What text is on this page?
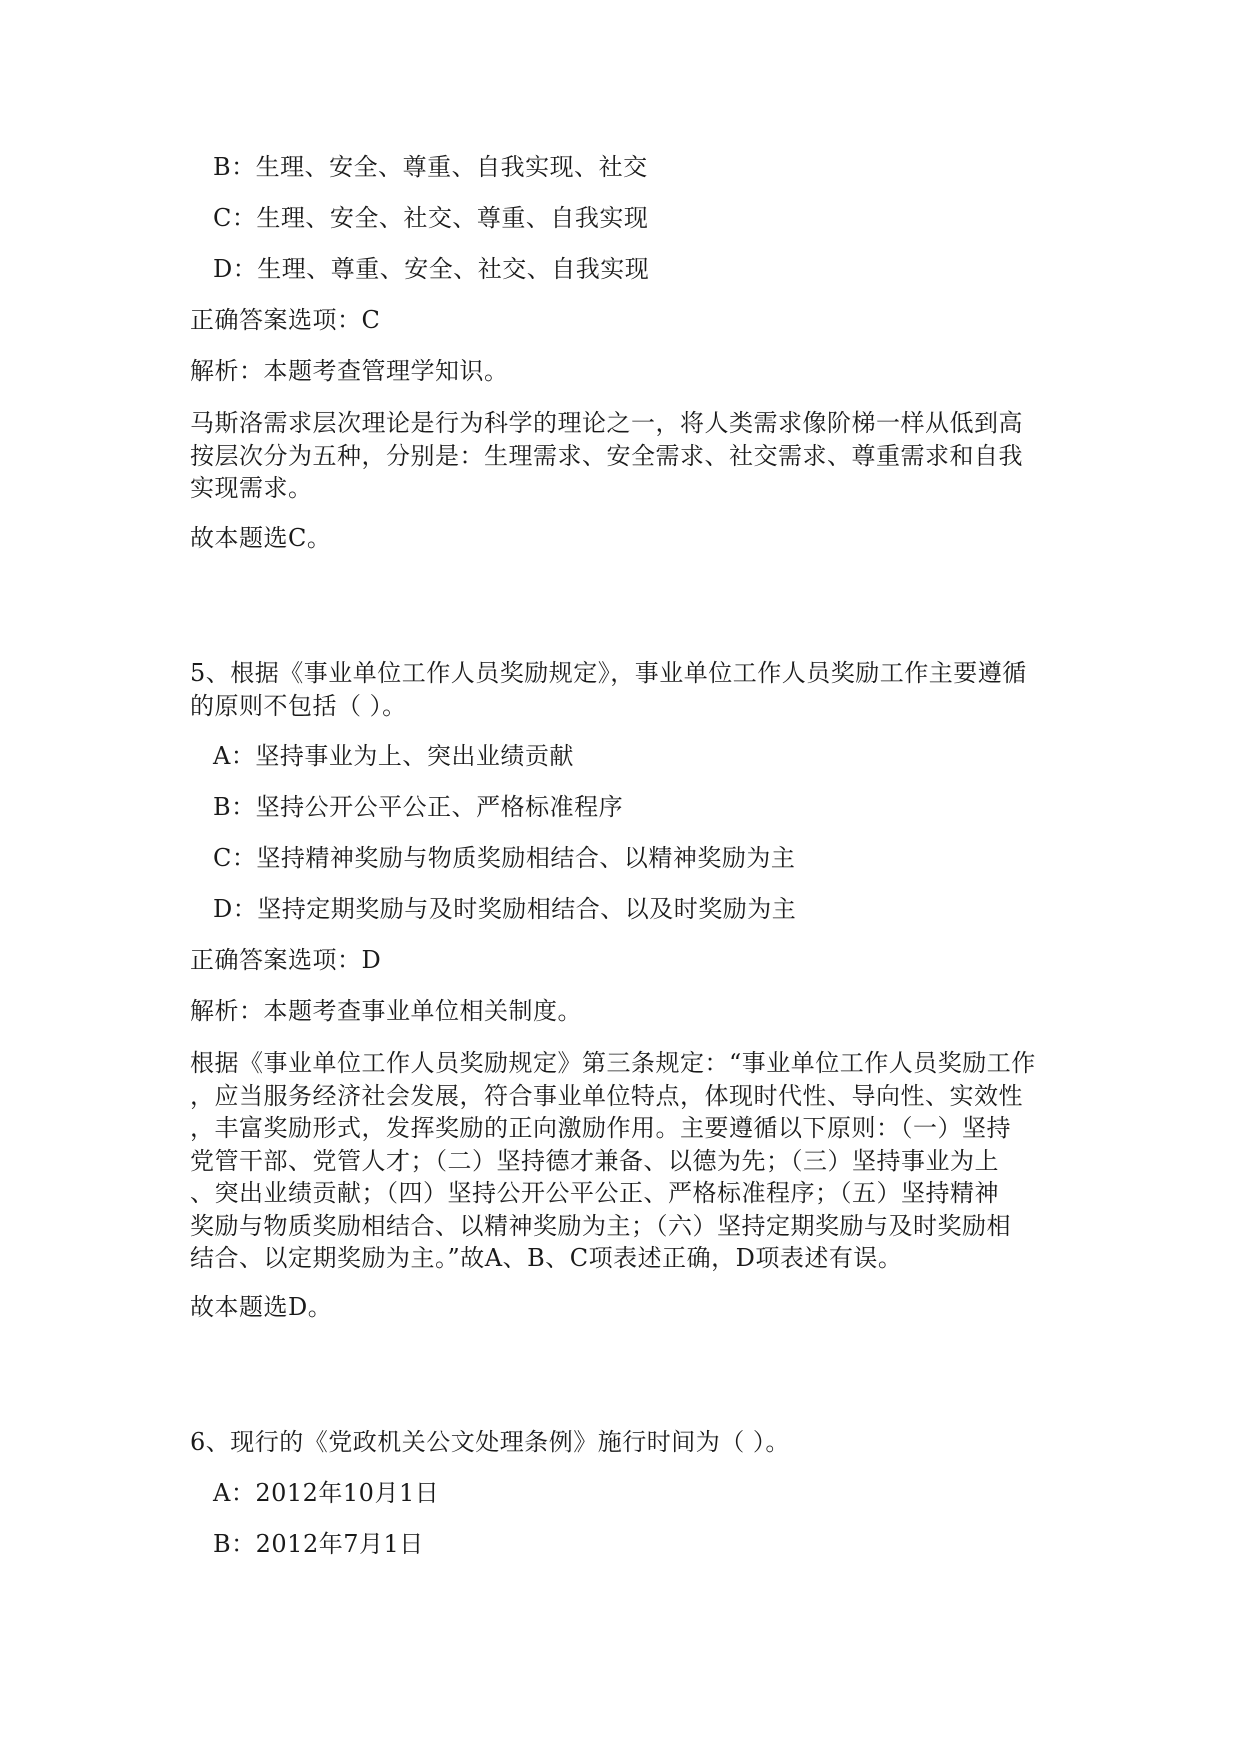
B：生理、安全、尊重、自我实现、社交
C：生理、安全、社交、尊重、自我实现
D：生理、尊重、安全、社交、自我实现
正确答案选项：C
解析：本题考查管理学知识。
马斯洛需求层次理论是行为科学的理论之一，将人类需求像阶梯一样从低到高
按层次分为五种，分别是：生理需求、安全需求、社交需求、尊重需求和自我
实现需求。
故本题选C。
5、根据《事业单位工作人员奖励规定》，事业单位工作人员奖励工作主要遵循
的原则不包括（ ）。
A：坚持事业为上、突出业绩贡献
B：坚持公开公平公正、严格标准程序
C：坚持精神奖励与物质奖励相结合、以精神奖励为主
D：坚持定期奖励与及时奖励相结合、以及时奖励为主
正确答案选项：D
解析：本题考查事业单位相关制度。
根据《事业单位工作人员奖励规定》第三条规定：“事业单位工作人员奖励工作
，应当服务经济社会发展，符合事业单位特点，体现时代性、导向性、实效性
，丰富奖励形式，发挥奖励的正向激励作用。主要遵循以下原则：（一）坚持
党管干部、党管人才；（二）坚持德才兼备、以德为先；（三）坚持事业为上
、突出业绩贡献；（四）坚持公开公平公正、严格标准程序；（五）坚持精神
奖励与物质奖励相结合、以精神奖励为主；（六）坚持定期奖励与及时奖励相
结合、以定期奖励为主。”故A、B、C项表述正确，D项表述有误。
故本题选D。
6、现行的《党政机关公文处理条例》施行时间为（ ）。
A：2012年10月1日
B：2012年7月1日
